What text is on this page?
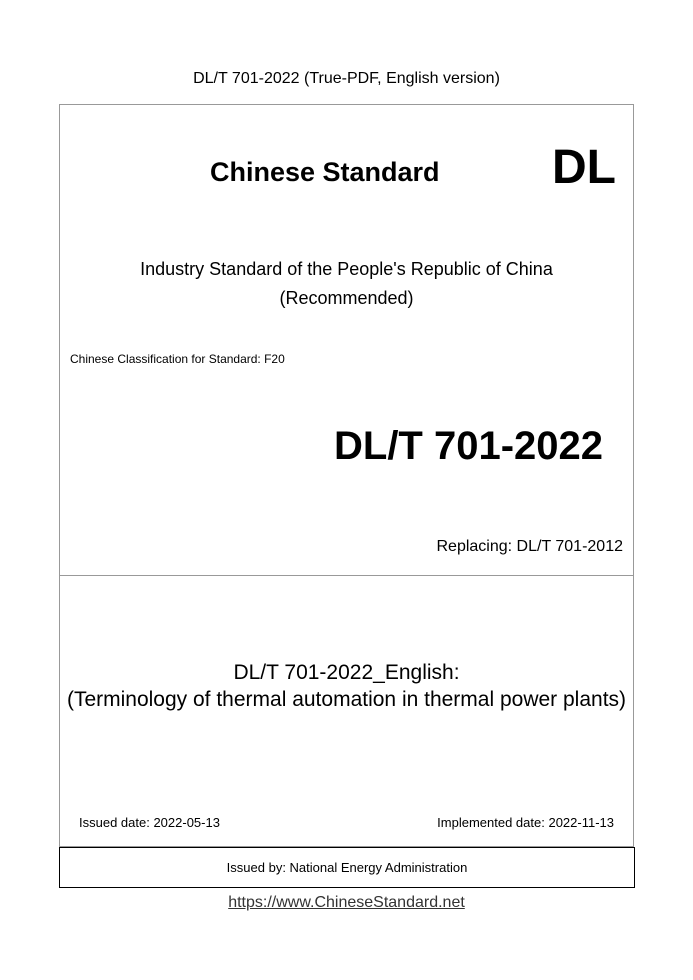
DL/T 701-2022 (True-PDF, English version)
Chinese Standard DL
Industry Standard of the People's Republic of China
(Recommended)
Chinese Classification for Standard: F20
DL/T 701-2022
Replacing: DL/T 701-2012
DL/T 701-2022_English:
(Terminology of thermal automation in thermal power plants)
Issued date: 2022-05-13	Implemented date: 2022-11-13
Issued by: National Energy Administration
https://www.ChineseStandard.net
